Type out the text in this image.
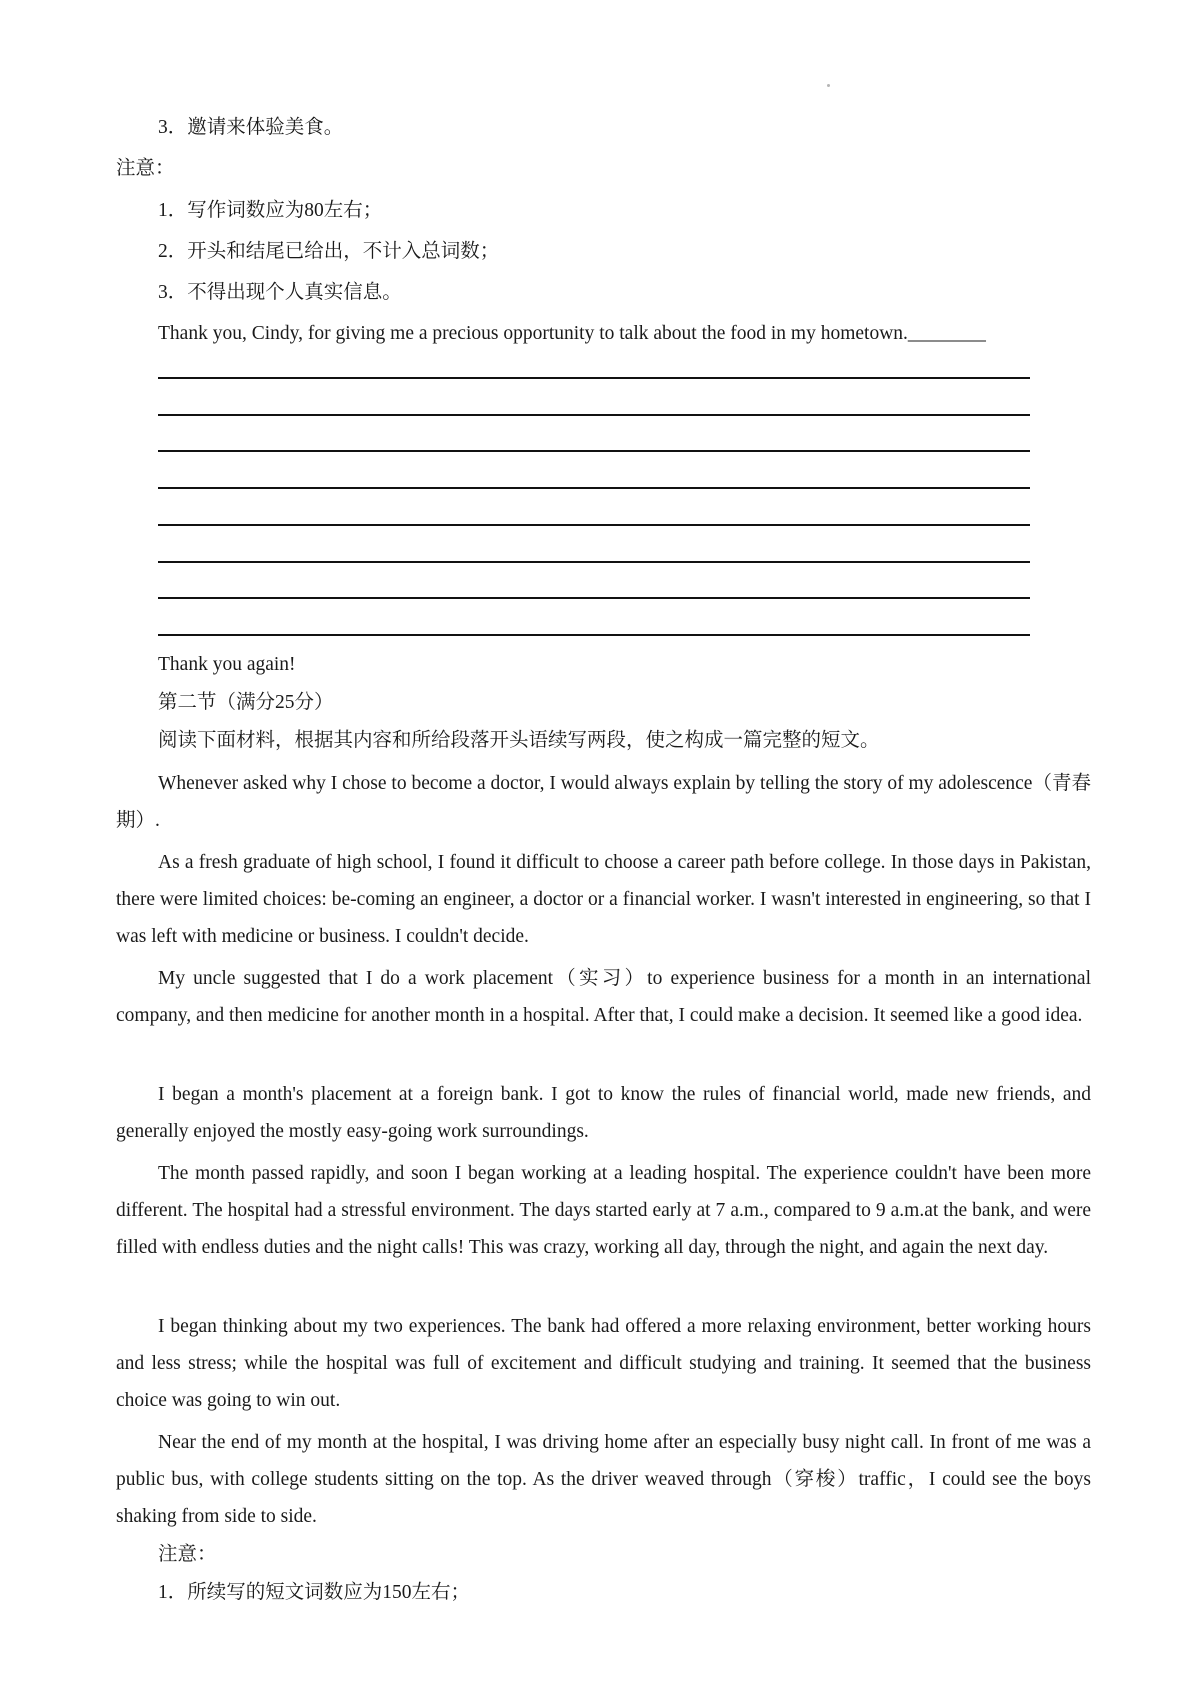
3．邀请来体验美食。
注意：
1．写作词数应为80左右；
2．开头和结尾已给出，不计入总词数；
3．不得出现个人真实信息。
Thank you, Cindy, for giving me a precious opportunity to talk about the food in my hometown.________
Thank you again!
第二节（满分25分）
阅读下面材料，根据其内容和所给段落开头语续写两段，使之构成一篇完整的短文。
Whenever asked why I chose to become a doctor, I would always explain by telling the story of my adolescence（青春期）.
As a fresh graduate of high school, I found it difficult to choose a career path before college. In those days in Pakistan, there were limited choices: be-coming an engineer, a doctor or a financial worker. I wasn't interested in engineering, so that I was left with medicine or business. I couldn't decide.
My uncle suggested that I do a work placement（实习）to experience business for a month in an international company, and then medicine for another month in a hospital. After that, I could make a decision. It seemed like a good idea.
I began a month's placement at a foreign bank. I got to know the rules of financial world, made new friends, and generally enjoyed the mostly easy-going work surroundings.
The month passed rapidly, and soon I began working at a leading hospital. The experience couldn't have been more different. The hospital had a stressful environment. The days started early at 7 a.m., compared to 9 a.m.at the bank, and were filled with endless duties and the night calls! This was crazy, working all day, through the night, and again the next day.
I began thinking about my two experiences. The bank had offered a more relaxing environment, better working hours and less stress; while the hospital was full of excitement and difficult studying and training. It seemed that the business choice was going to win out.
Near the end of my month at the hospital, I was driving home after an especially busy night call. In front of me was a public bus, with college students sitting on the top. As the driver weaved through（穿梭）traffic，I could see the boys shaking from side to side.
注意：
1．所续写的短文词数应为150左右；
